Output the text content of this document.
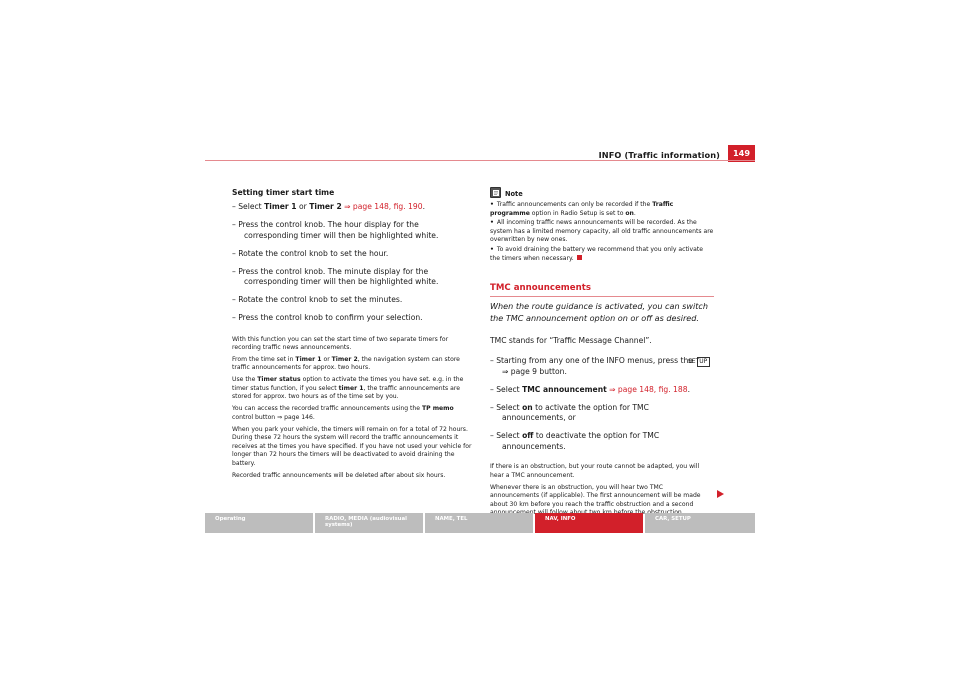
INFO (Traffic information)	149
Setting timer start time
– Select Timer 1 or Timer 2 ⇒ page 148, fig. 190.
– Press the control knob. The hour display for the corresponding timer will then be highlighted white.
– Rotate the control knob to set the hour.
– Press the control knob. The minute display for the corresponding timer will then be highlighted white.
– Rotate the control knob to set the minutes.
– Press the control knob to confirm your selection.
With this function you can set the start time of two separate timers for recording traffic news announcements.
From the time set in Timer 1 or Timer 2, the navigation system can store traffic announcements for approx. two hours.
Use the Timer status option to activate the times you have set. e.g. in the timer status function, if you select timer 1, the traffic announcements are stored for approx. two hours as of the time set by you.
You can access the recorded traffic announcements using the TP memo control button ⇒ page 146.
When you park your vehicle, the timers will remain on for a total of 72 hours. During these 72 hours the system will record the traffic announcements it receives at the times you have specified. If you have not used your vehicle for longer than 72 hours the timers will be deactivated to avoid draining the battery.
Recorded traffic announcements will be deleted after about six hours.
Note
• Traffic announcements can only be recorded if the Traffic programme option in Radio Setup is set to on.
• All incoming traffic news announcements will be recorded. As the system has a limited memory capacity, all old traffic announcements are overwritten by new ones.
• To avoid draining the battery we recommend that you only activate the timers when necessary.
TMC announcements
When the route guidance is activated, you can switch the TMC announcement option on or off as desired.
TMC stands for “Traffic Message Channel”.
– Starting from any one of the INFO menus, press theSETUP
⇒ page 9 button.
– Select TMC announcement ⇒ page 148, fig. 188.
– Select on to activate the option for TMC announcements, or
– Select off to deactivate the option for TMC announcements.
If there is an obstruction, but your route cannot be adapted, you will hear a TMC announcement.
Whenever there is an obstruction, you will hear two TMC announcements (if applicable). The first announcement will be made about 30 km before you reach the traffic obstruction and a second
Operating	RADIO, MEDIA (audiovisual
systems)
NAME, TEL	NAV, INFO	CAR, SETUP
